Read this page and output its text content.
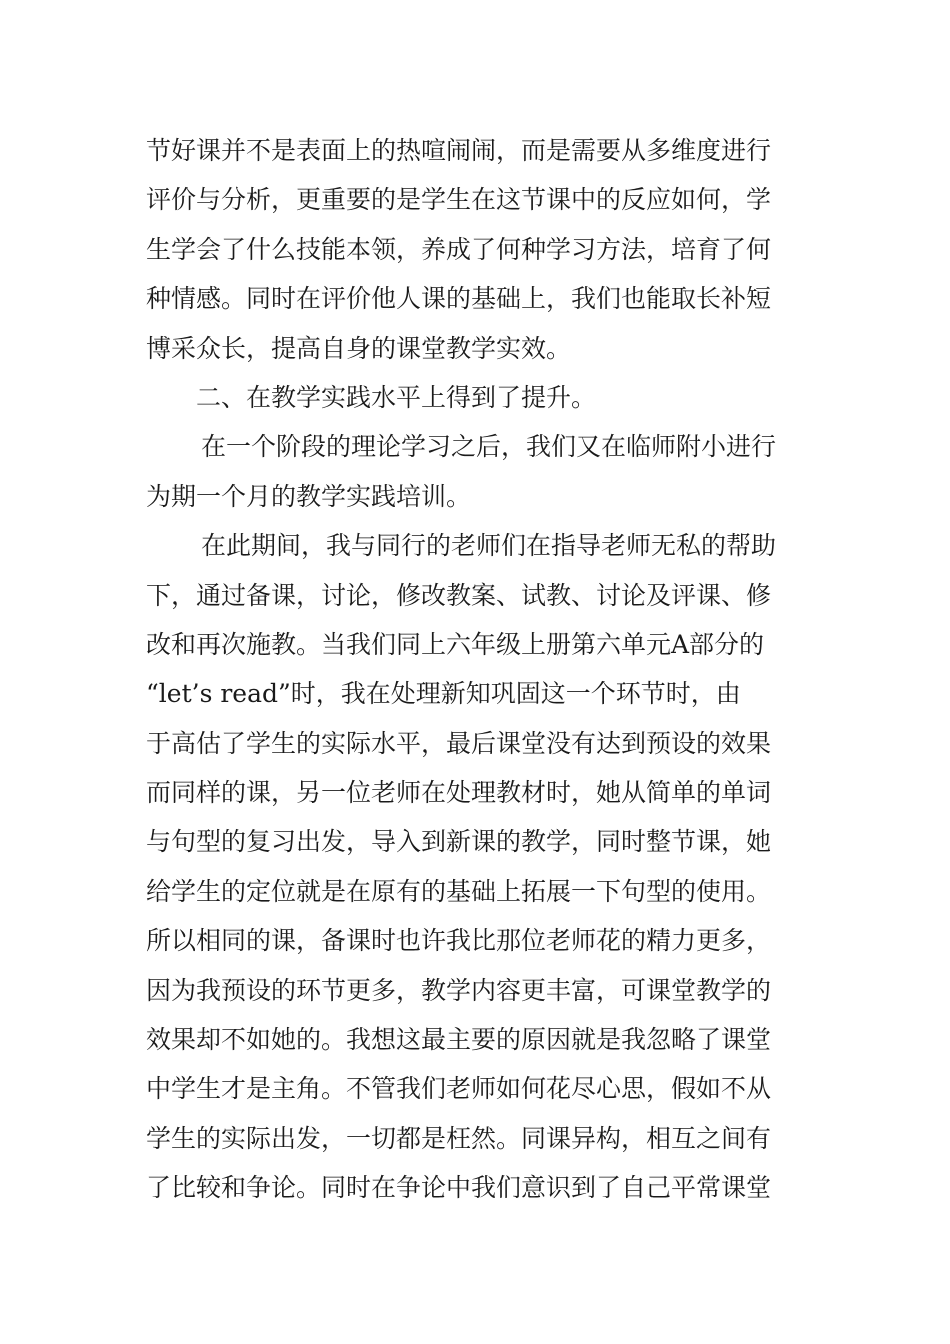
节好课并不是表面上的热喧闹闹，而是需要从多维度进行
评价与分析，更重要的是学生在这节课中的反应如何，学
生学会了什么技能本领，养成了何种学习方法，培育了何
种情感。同时在评价他人课的基础上，我们也能取长补短
博采众长，提高自身的课堂教学实效。
二、在教学实践水平上得到了提升。
在一个阶段的理论学习之后，我们又在临师附小进行
为期一个月的教学实践培训。
在此期间，我与同行的老师们在指导老师无私的帮助
下，通过备课，讨论，修改教案、试教、讨论及评课、修
改和再次施教。当我们同上六年级上册第六单元A部分的
“let’s read”时，我在处理新知巩固这一个环节时，由
于高估了学生的实际水平，最后课堂没有达到预设的效果
而同样的课，另一位老师在处理教材时，她从简单的单词
与句型的复习出发，导入到新课的教学，同时整节课，她
给学生的定位就是在原有的基础上拓展一下句型的使用。
所以相同的课，备课时也许我比那位老师花的精力更多，
因为我预设的环节更多，教学内容更丰富，可课堂教学的
效果却不如她的。我想这最主要的原因就是我忽略了课堂
中学生才是主角。不管我们老师如何花尽心思，假如不从
学生的实际出发，一切都是枉然。同课异构，相互之间有
了比较和争论。同时在争论中我们意识到了自己平常课堂
